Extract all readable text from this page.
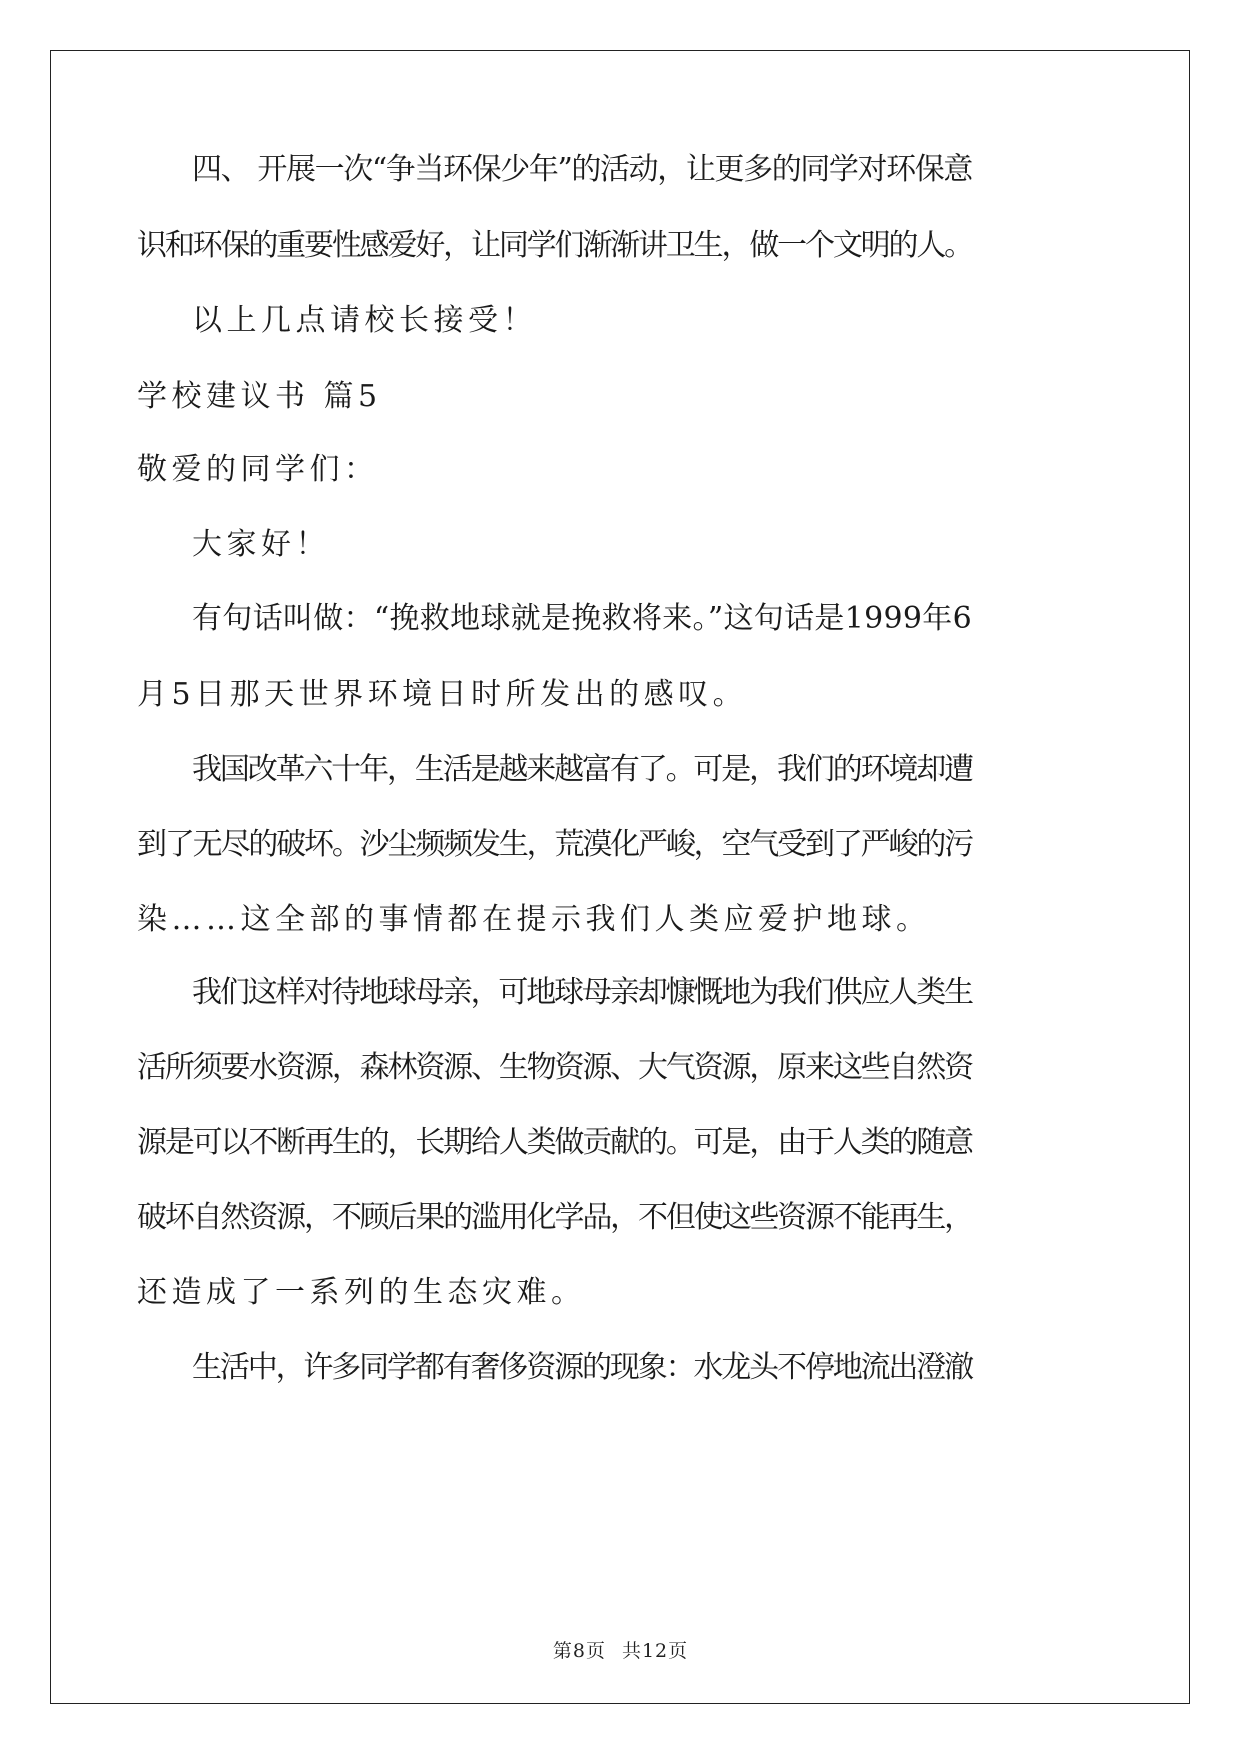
四、 开展一次“争当环保少年”的活动，让更多的同学对环保意
识和环保的重要性感爱好，让同学们渐渐讲卫生，做一个文明的人。
以上几点请校长接受！
学校建议书 篇5
敬爱的同学们：
大家好！
有句话叫做：“挽救地球就是挽救将来。”这句话是1999年6
月5日那天世界环境日时所发出的感叹。
我国改革六十年，生活是越来越富有了。可是，我们的环境却遭
到了无尽的破坏。沙尘频频发生，荒漠化严峻，空气受到了严峻的污
染……这全部的事情都在提示我们人类应爱护地球。
我们这样对待地球母亲，可地球母亲却慷慨地为我们供应人类生
活所须要水资源，森林资源、生物资源、大气资源，原来这些自然资
源是可以不断再生的，长期给人类做贡献的。可是，由于人类的随意
破坏自然资源，不顾后果的滥用化学品，不但使这些资源不能再生，
还造成了一系列的生态灾难。
生活中，许多同学都有奢侈资源的现象：水龙头不停地流出澄澈
第8页 共12页
